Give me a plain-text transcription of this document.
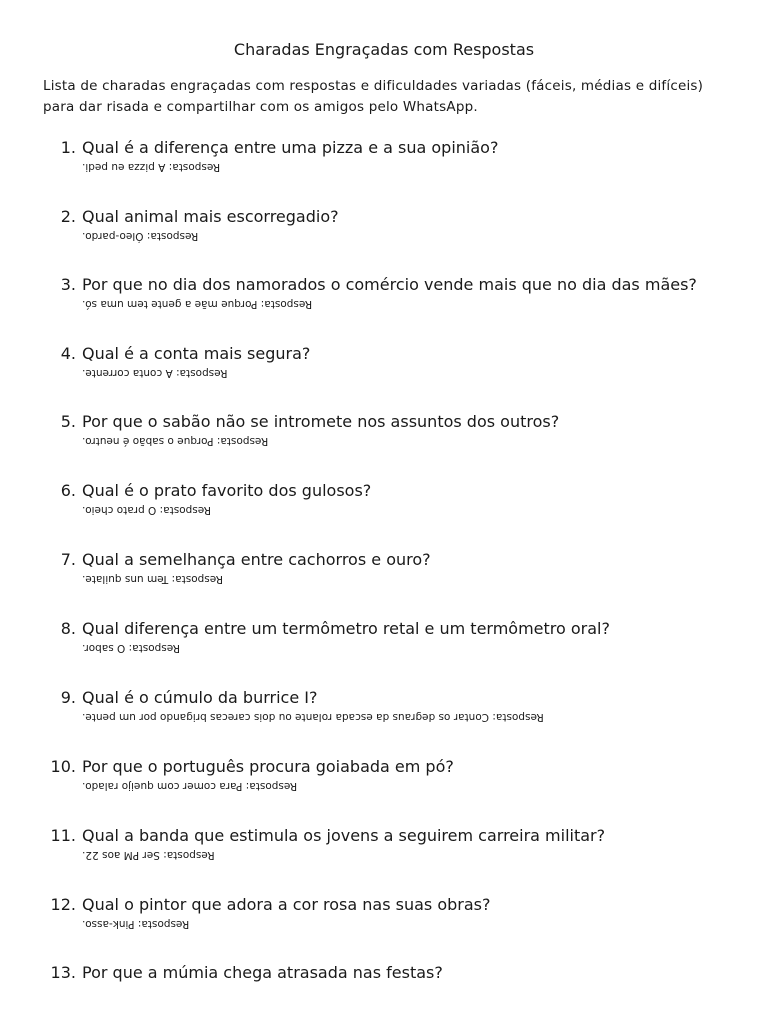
Charadas Engraçadas com Respostas
Lista de charadas engraçadas com respostas e dificuldades variadas (fáceis, médias e difíceis) para dar risada e compartilhar com os amigos pelo WhatsApp.
1. Qual é a diferença entre uma pizza e a sua opinião?
Resposta: A pizza eu pedi.
2. Qual animal mais escorregadio?
Resposta: Óleo-pardo.
3. Por que no dia dos namorados o comércio vende mais que no dia das mães?
Resposta: Porque mãe a gente tem uma só.
4. Qual é a conta mais segura?
Resposta: A conta corrente.
5. Por que o sabão não se intromete nos assuntos dos outros?
Resposta: Porque o sabão é neutro.
6. Qual é o prato favorito dos gulosos?
Resposta: O prato cheio.
7. Qual a semelhança entre cachorros e ouro?
Resposta: Tem uns quilate.
8. Qual diferença entre um termômetro retal e um termômetro oral?
Resposta: O sabor.
9. Qual é o cúmulo da burrice I?
Resposta: Contar os degraus da escada rolante ou dois carecas brigando por um pente.
10. Por que o português procura goiabada em pó?
Resposta: Para comer com queijo ralado.
11. Qual a banda que estimula os jovens a seguirem carreira militar?
Resposta: Ser PM aos 22.
12. Qual o pintor que adora a cor rosa nas suas obras?
Resposta: Pink-asso.
13. Por que a múmia chega atrasada nas festas?
